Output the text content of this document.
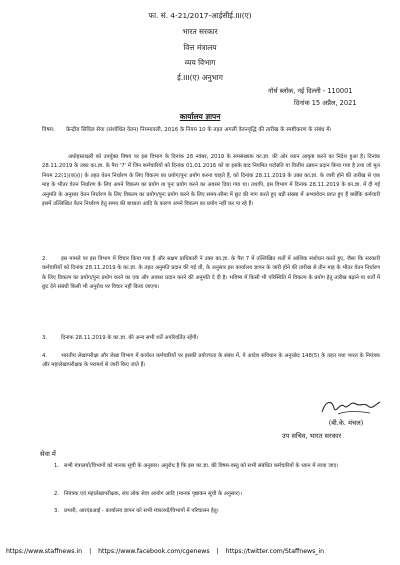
फा. सं. 4-21/2017-आईसीई.III(ए)
भारत सरकार
वित्त मंत्रालय
व्यय विभाग
ई.III(ए) अनुभाग
नॉर्थ ब्लॉक, नई दिल्ली - 110001
दिनांक 15 अप्रैल, 2021
कार्यालय ज्ञापन
विषय: केन्द्रीय सिविल सेवा (संशोधित वेतन) नियमावली, 2016 के नियम 10 के तहत अगली वेतनवृद्धि की तारीख के स्पष्टीकरण के संबंध में।
अधोहस्ताक्षरी को उपर्युक्त विषय पर इस विभाग के दिनांक 28 नवंबर, 2019 के समसंख्यक का.ज्ञा. की ओर ध्यान आकृष्ट करने का निदेश हुआ है। दिनांक 28.11.2019 के उक्त का.ज्ञा. के पैरा '7' में जिन कर्मचारियों को दिनांक 01.01.2016 को या इसके बाद नियमित पदोन्नति या वित्तीय उन्नयन प्रदान किया गया है तथा जो मूल नियम 22(1)(क)(i) के तहत वेतन निर्धारण के लिए विकल्प का प्रयोग/पुनः प्रयोग करना चाहते हैं, को दिनांक 28.11.2019 के उक्त का.ज्ञा. के जारी होने की तारीख से एक माह के भीतर वेतन निर्धारण के लिए अपने विकल्प का प्रयोग या पुनः प्रयोग करने का अवसर दिया गया था। तथापि, इस विभाग में दिनांक 28.11.2019 के का.ज्ञा. में दी गई अनुमति के अनुसार वेतन निर्धारण के लिए विकल्प का प्रयोग/पुनः प्रयोग करने के लिए समय-सीमा में छूट की मांग करते हुए बड़ी संख्या में अभ्यावेदन प्राप्त हुए हैं क्योंकि कर्मचारी इसमें उल्लिखित वेतन निर्धारण हेतु समय की बाध्यता आदि के कारण अपने विकल्प का प्रयोग नहीं कर पा रहे हैं।
2.	इस मामले पर इस विभाग में विचार किया गया है और सक्षम प्राधिकारी ने उक्त का.ज्ञा. के पैरा 7 में उल्लिखित शर्तों में आंशिक संशोधन करते हुए, जैसा कि सरकारी कर्मचारियों को दिनांक 28.11.2019 के का.ज्ञा. के तहत अनुमति प्रदान की गई थी, के अनुसार इस कार्यालय ज्ञापन के जारी होने की तारीख से तीन माह के भीतर वेतन निर्धारण के लिए विकल्प का प्रयोग/पुनः प्रयोग करने का एक और अवसर प्रदान करने की अनुमति दे दी है। भविष्य में किसी भी परिस्थिति में विकल्प के प्रयोग हेतु तारीख बढ़ाने या शर्तों में छूट देने संबंधी किसी भी अनुरोध पर विचार नहीं किया जाएगा।
3.	दिनांक 28.11.2019 के का.ज्ञा. की अन्य सभी शर्तें अपरिवर्तित रहेंगी।
4.	भारतीय लेखापरीक्षा और लेखा विभाग में कार्यरत कर्मचारियों पर इसकी प्रयोज्यता के संबंध में, ये आदेश संविधान के अनुच्छेद 148(5) के तहत यथा भारत के नियंत्रक और महालेखापरीक्षक के परामर्श से जारी किए जाते हैं।
(बी.के. मंचल)
उप सचिव, भारत सरकार
सेवा में
1. सभी मंत्रालयों/विभागों को मानक सूची के अनुसार। अनुरोध है कि इस का.ज्ञा. की विषय-वस्तु को सभी संबंधित कर्मचारियों के ध्यान में लाया जाए।
2. नियंत्रक एवं महालेखापरीक्षक, संघ लोक सेवा आयोग आदि (मानक पृष्ठांकन सूची के अनुसार)।
3. प्रभारी, आरएंडआई - कार्यालय ज्ञापन को सभी मंत्रालयों/विभागों में परिचालन हेतु।
https://www.staffnews.in | https://www.facebook.com/cgenews | https://twitter.com/Staffnews_in
